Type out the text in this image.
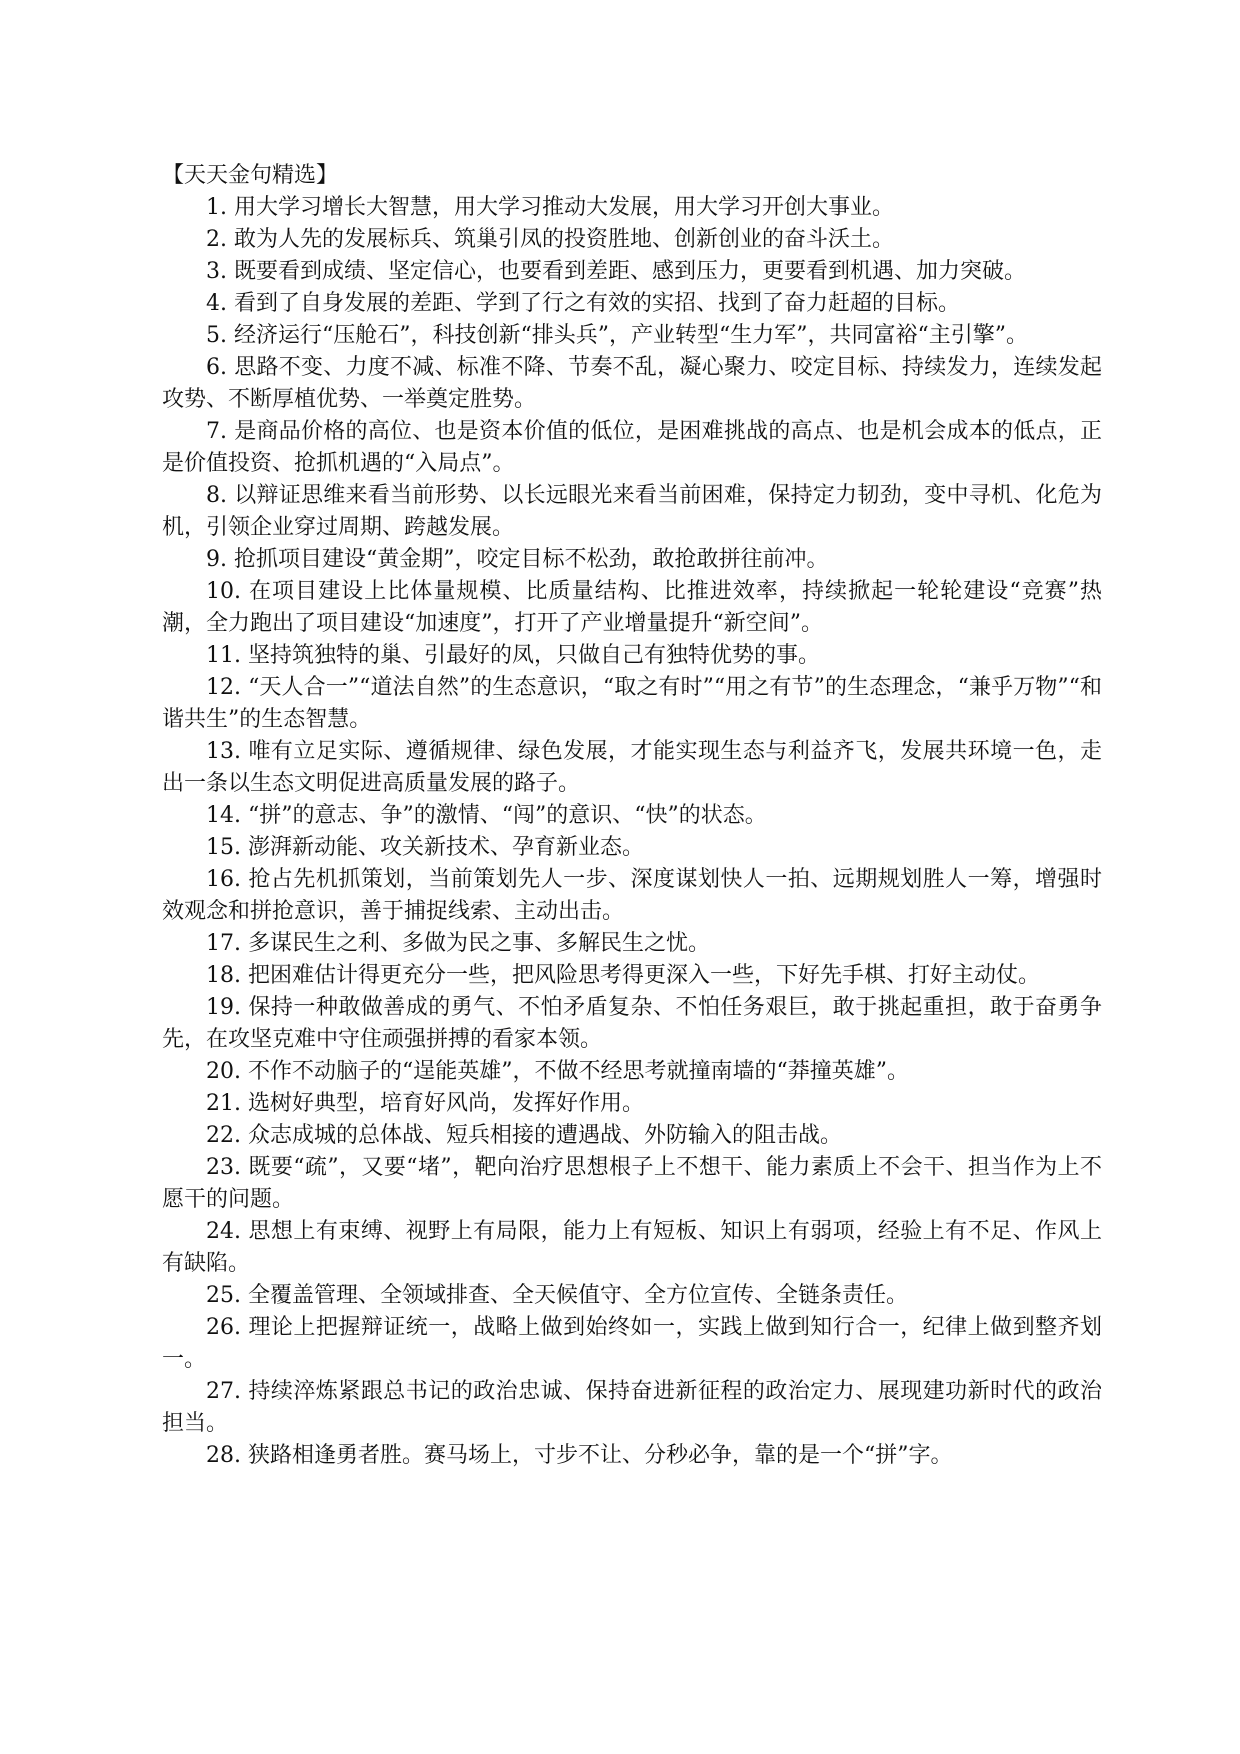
【天天金句精选】

1. 用大学习增长大智慧，用大学习推动大发展，用大学习开创大事业。
2. 敢为人先的发展标兵、筑巢引凤的投资胜地、创新创业的奋斗沃土。
3. 既要看到成绩、坚定信心，也要看到差距、感到压力，更要看到机遇、加力突破。
4. 看到了自身发展的差距、学到了行之有效的实招、找到了奋力赶超的目标。
5. 经济运行“压舱石”，科技创新“排头兵”，产业转型“生力军”，共同富裕“主引擎”。
6. 思路不变、力度不减、标准不降、节奏不乱，凝心聚力、咬定目标、持续发力，连续发起攻势、不断厚植优势、一举奠定胜势。
7. 是商品价格的高位、也是资本价值的低位，是困难挑战的高点、也是机会成本的低点，正是价值投资、抢抓机遇的“入局点”。
8. 以辩证思维来看当前形势、以长远眼光来看当前困难，保持定力韧劲，变中寻机、化危为机，引领企业穿过周期、跨越发展。
9. 抢抓项目建设“黄金期”，咬定目标不松劲，敢抢敢拼往前冲。
10. 在项目建设上比体量规模、比质量结构、比推进效率，持续掀起一轮轮建设“竞赛”热潮，全力跑出了项目建设“加速度”，打开了产业增量提升“新空间”。
11. 坚持筑独特的巢、引最好的凤，只做自己有独特优势的事。
12. “天人合一”“道法自然”的生态意识，“取之有时”“用之有节”的生态理念，“兼乎万物”“和谐共生”的生态智慧。
13. 唯有立足实际、遵循规律、绿色发展，才能实现生态与利益齐飞，发展共环境一色，走出一条以生态文明促进高质量发展的路子。
14. “拼”的意志、争”的激情、“闯”的意识、“快”的状态。
15. 澎湃新动能、攻关新技术、孕育新业态。
16. 抢占先机抓策划，当前策划先人一步、深度谋划快人一拍、远期规划胜人一筹，增强时效观念和拼抢意识，善于捕捉线索、主动出击。
17. 多谋民生之利、多做为民之事、多解民生之忧。
18. 把困难估计得更充分一些，把风险思考得更深入一些，下好先手棋、打好主动仗。
19. 保持一种敢做善成的勇气、不怕矛盾复杂、不怕任务艰巨，敢于挑起重担，敢于奋勇争先，在攻坚克难中守住顽强拼搏的看家本领。
20. 不作不动脑子的“逞能英雄”，不做不经思考就撞南墙的“莽撞英雄”。
21. 选树好典型，培育好风尚，发挥好作用。
22. 众志成城的总体战、短兵相接的遭遇战、外防输入的阻击战。
23. 既要“疏”，又要“堵”，靶向治疗思想根子上不想干、能力素质上不会干、担当作为上不愿干的问题。
24. 思想上有束缚、视野上有局限，能力上有短板、知识上有弱项，经验上有不足、作风上有缺陷。
25. 全覆盖管理、全领域排查、全天候值守、全方位宣传、全链条责任。
26. 理论上把握辩证统一，战略上做到始终如一，实践上做到知行合一，纪律上做到整齐划一。
27. 持续淬炼紧跟总书记的政治忠诚、保持奋进新征程的政治定力、展现建功新时代的政治担当。
28. 狭路相逢勇者胜。赛马场上，寸步不让、分秒必争，靠的是一个“拼”字。
